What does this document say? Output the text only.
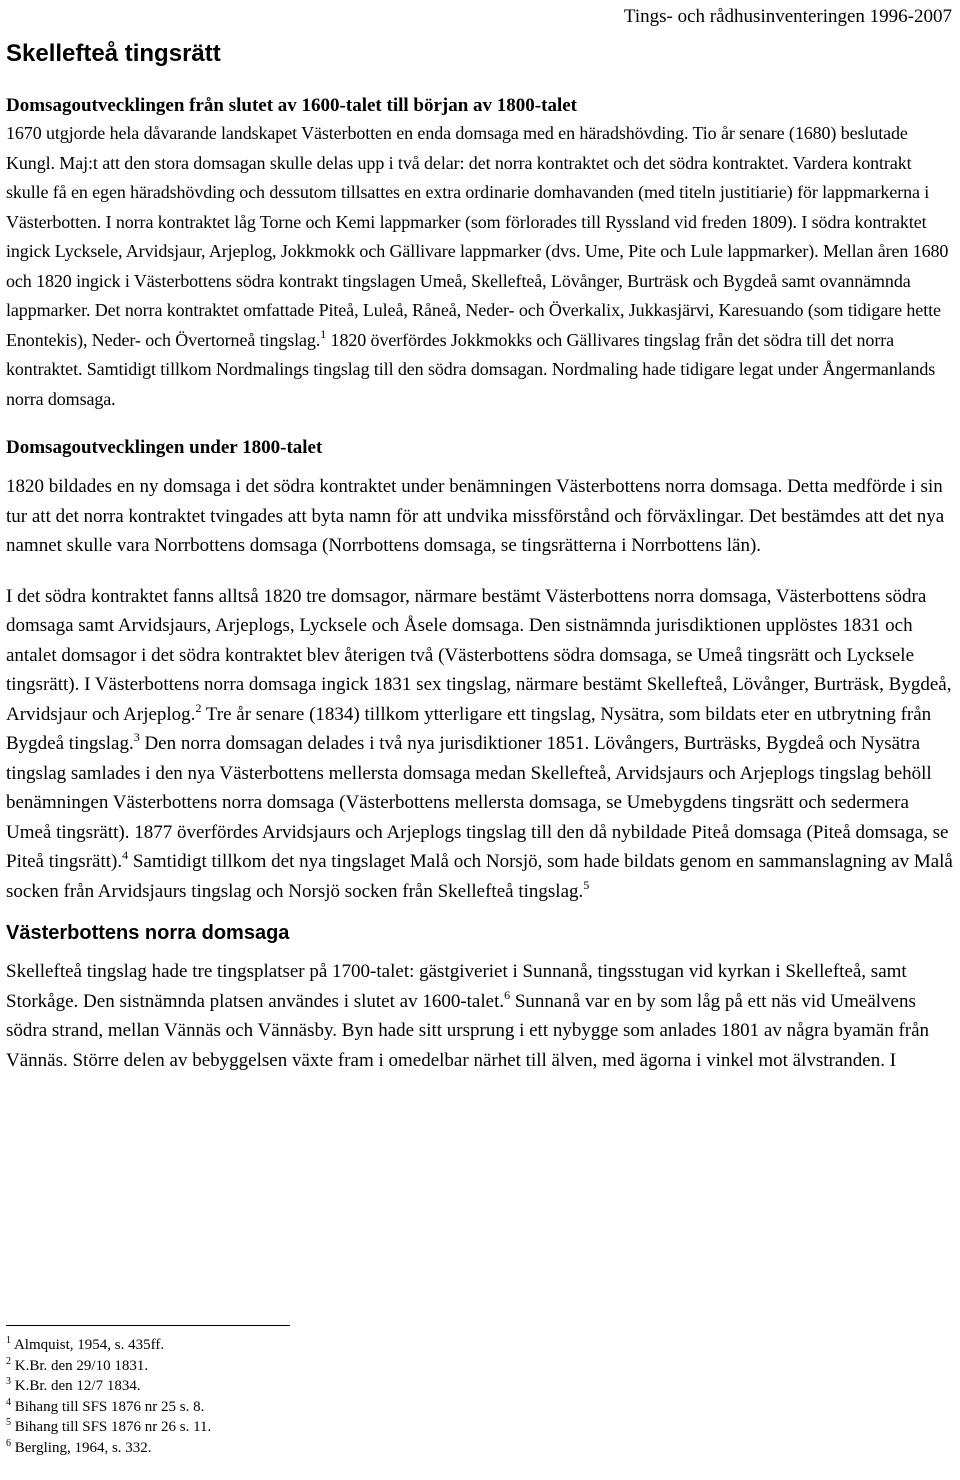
Tings- och rådhusinventeringen 1996-2007
Skellefteå tingsrätt
Domsagoutvecklingen från slutet av 1600-talet till början av 1800-talet

1670 utgjorde hela dåvarande landskapet Västerbotten en enda domsaga med en häradshövding. Tio år senare (1680) beslutade Kungl. Maj:t att den stora domsagan skulle delas upp i två delar: det norra kontraktet och det södra kontraktet. Vardera kontrakt skulle få en egen häradshövding och dessutom tillsattes en extra ordinarie domhavanden (med titeln justitiarie) för lappmarkerna i Västerbotten. I norra kontraktet låg Torne och Kemi lappmarker (som förlorades till Ryssland vid freden 1809). I södra kontraktet ingick Lycksele, Arvidsjaur, Arjeplog, Jokkmokk och Gällivare lappmarker (dvs. Ume, Pite och Lule lappmarker). Mellan åren 1680 och 1820 ingick i Västerbottens södra kontrakt tingslagen Umeå, Skellefteå, Lövånger, Burträsk och Bygdeå samt ovannämnda lappmarker. Det norra kontraktet omfattade Piteå, Luleå, Råneå, Neder- och Överkalix, Jukkasjärvi, Karesuando (som tidigare hette Enontekis), Neder- och Övertorneå tingslag.$^1$ 1820 överfördes Jokkmokks och Gällivares tingslag från det södra till det norra kontraktet. Samtidigt tillkom Nordmalings tingslag till den södra domsagan. Nordmaling hade tidigare legat under Ångermanlands norra domsaga.

Domsagoutvecklingen under 1800-talet

1820 bildades en ny domsaga i det södra kontraktet under benämningen Västerbottens norra domsaga. Detta medförde i sin tur att det norra kontraktet tvingades att byta namn för att undvika missförstånd och förväxlingar. Det bestämdes att det nya namnet skulle vara Norrbottens domsaga (Norrbottens domsaga, se tingsrätterna i Norrbottens län).

I det södra kontraktet fanns alltså 1820 tre domsagor, närmare bestämt Västerbottens norra domsaga, Västerbottens södra domsaga samt Arvidsjaurs, Arjeplogs, Lycksele och Åsele domsaga. Den sistnämnda jurisdiktionen upplöstes 1831 och antalet domsagor i det södra kontraktet blev återigen två (Västerbottens södra domsaga, se Umeå tingsrätt och Lycksele tingsrätt). I Västerbottens norra domsaga ingick 1831 sex tingslag, närmare bestämt Skellefteå, Lövånger, Burträsk, Bygdeå, Arvidsjaur och Arjeplog.$^2$ Tre år senare (1834) tillkom ytterligare ett tingslag, Nysätra, som bildats eter en utbrytning från Bygdeå tingslag.$^3$ Den norra domsagan delades i två nya jurisdiktioner 1851. Lövångers, Burträsks, Bygdeå och Nysätra tingslag samlades i den nya Västerbottens mellersta domsaga medan Skellefteå, Arvidsjaurs och Arjeplogs tingslag behöll benämningen Västerbottens norra domsaga (Västerbottens mellersta domsaga, se Umebygdens tingsrätt och sedermera Umeå tingsrätt). 1877 överfördes Arvidsjaurs och Arjeplogs tingslag till den då nybildade Piteå domsaga (Piteå domsaga, se Piteå tingsrätt).$^4$ Samtidigt tillkom det nya tingslaget Malå och Norsjö, som hade bildats genom en sammanslagning av Malå socken från Arvidsjaurs tingslag och Norsjö socken från Skellefteå tingslag.$^5$

Västerbottens norra domsaga

Skellefteå tingslag hade tre tingsplatser på 1700-talet: gästgiveriet i Sunnanå, tingsstugan vid kyrkan i Skellefteå, samt Storkåge. Den sistnämnda platsen användes i slutet av 1600-talet.$^6$ Sunnanå var en by som låg på ett näs vid Umeälvens södra strand, mellan Vännäs och Vännäsby. Byn hade sitt ursprung i ett nybygge som anlades 1801 av några byamän från Vännäs. Större delen av bebyggelsen växte fram i omedelbar närhet till älven, med ägorna i vinkel mot älvstranden. I

$^1$ Almquist, 1954, s. 435ff.
$^2$ K.Br. den 29/10 1831.
$^3$ K.Br. den 12/7 1834.
$^4$ Bihang till SFS 1876 nr 25 s. 8.
$^5$ Bihang till SFS 1876 nr 26 s. 11.
$^6$ Bergling, 1964, s. 332.
